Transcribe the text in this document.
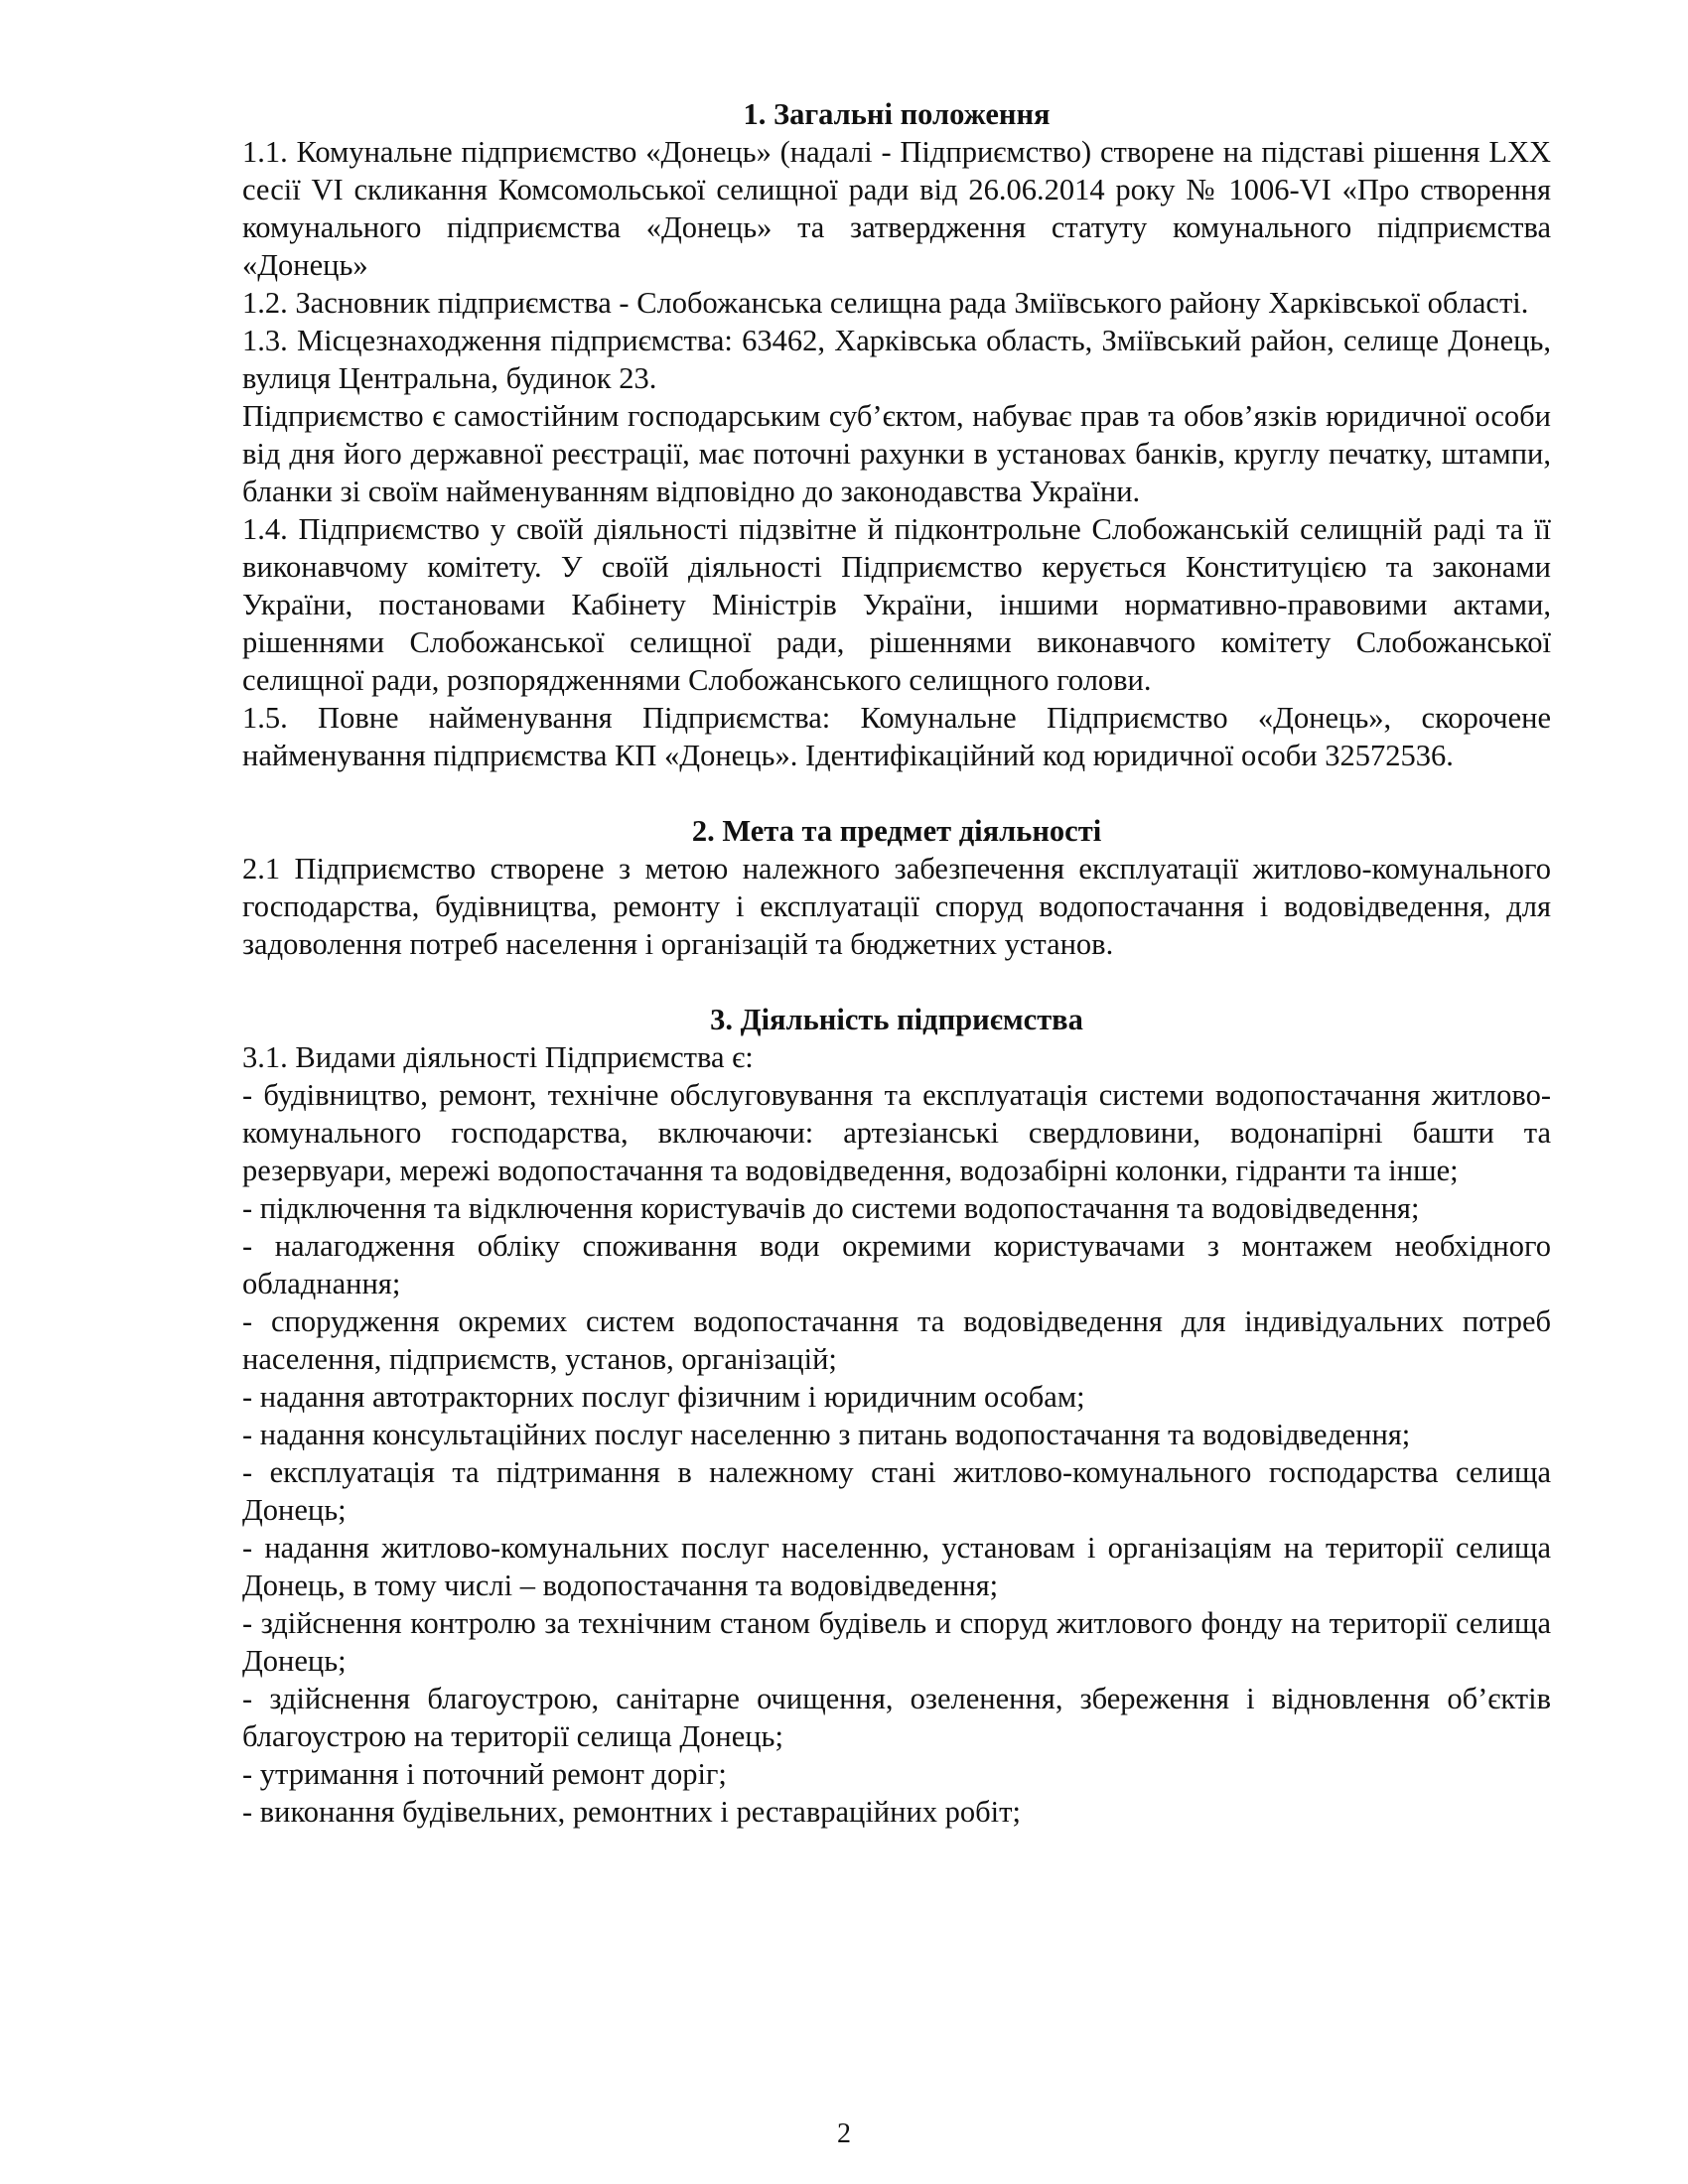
1. Загальні положення

1.1. Комунальне підприємство «Донець» (надалі - Підприємство) створене на підставі рішення LXX сесії VI скликання Комсомольської селищної ради від 26.06.2014 року № 1006-VI «Про створення комунального підприємства «Донець» та затвердження статуту комунального підприємства «Донець»

1.2. Засновник підприємства - Слобожанська селищна рада Зміївського району Харківської області.

1.3. Місцезнаходження підприємства: 63462, Харківська область, Зміївський район, селище Донець, вулиця Центральна, будинок 23.

Підприємство є самостійним господарським суб’єктом, набуває прав та обов’язків юридичної особи від дня його державної реєстрації, має поточні рахунки в установах банків, круглу печатку, штампи, бланки зі своїм найменуванням відповідно до законодавства України.

1.4. Підприємство у своїй діяльності підзвітне й підконтрольне Слобожанській селищній раді та її виконавчому комітету. У своїй діяльності Підприємство керується Конституцією та законами України, постановами Кабінету Міністрів України, іншими нормативно-правовими актами, рішеннями Слобожанської селищної ради, рішеннями виконавчого комітету Слобожанської селищної ради, розпорядженнями Слобожанського селищного голови.

1.5. Повне найменування Підприємства: Комунальне Підприємство «Донець», скорочене найменування підприємства КП «Донець». Ідентифікаційний код юридичної особи 32572536.

2. Мета та предмет діяльності

2.1 Підприємство створене з метою належного забезпечення експлуатації житлово-комунального господарства, будівництва, ремонту і експлуатації споруд водопостачання і водовідведення, для задоволення потреб населення і організацій та бюджетних установ.

3. Діяльність підприємства

3.1. Видами діяльності Підприємства є:

- будівництво, ремонт, технічне обслуговування та експлуатація системи водопостачання житлово-комунального господарства, включаючи: артезіанські свердловини, водонапірні башти та резервуари, мережі водопостачання та водовідведення, водозабірні колонки, гідранти та інше;

- підключення та відключення користувачів до системи водопостачання та водовідведення;

- налагодження обліку споживання води окремими користувачами з монтажем необхідного обладнання;

- спорудження окремих систем водопостачання та водовідведення для індивідуальних потреб населення, підприємств, установ, організацій;

- надання автотракторних послуг фізичним і юридичним особам;

- надання консультаційних послуг населенню з питань водопостачання та водовідведення;

- експлуатація та підтримання в належному стані житлово-комунального господарства селища Донець;

- надання житлово-комунальних послуг населенню, установам і організаціям на території селища Донець, в тому числі – водопостачання та водовідведення;

- здійснення контролю за технічним станом будівель и споруд житлового фонду на території селища Донець;

- здійснення благоустрою, санітарне очищення, озеленення, збереження і відновлення об’єктів благоустрою на території селища Донець;

- утримання і поточний ремонт доріг;

- виконання будівельних, ремонтних і реставраційних робіт;

2
